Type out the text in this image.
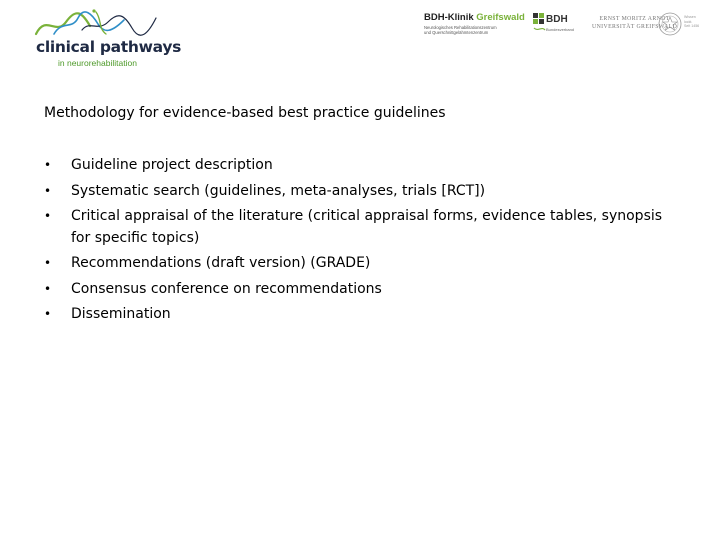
clinical pathways
in neurorehabilitation
BDH-Klinik Greifswald
Neurologisches Rehabilitationszentrum
und Querschnittgelähmtenzentrum
BDH
Bundesverband
ERNST MORITZ ARNDT
UNIVERSITÄT GREIFSWALD
Wissen
lockt.
Seit 1456
Methodology for evidence-based best practice guidelines
• Guideline project description
• Systematic search (guidelines, meta-analyses, trials [RCT])
• Critical appraisal of the literature (critical appraisal forms, evidence tables, synopsis for specific topics)
• Recommendations (draft version) (GRADE)
• Consensus conference on recommendations
• Dissemination
